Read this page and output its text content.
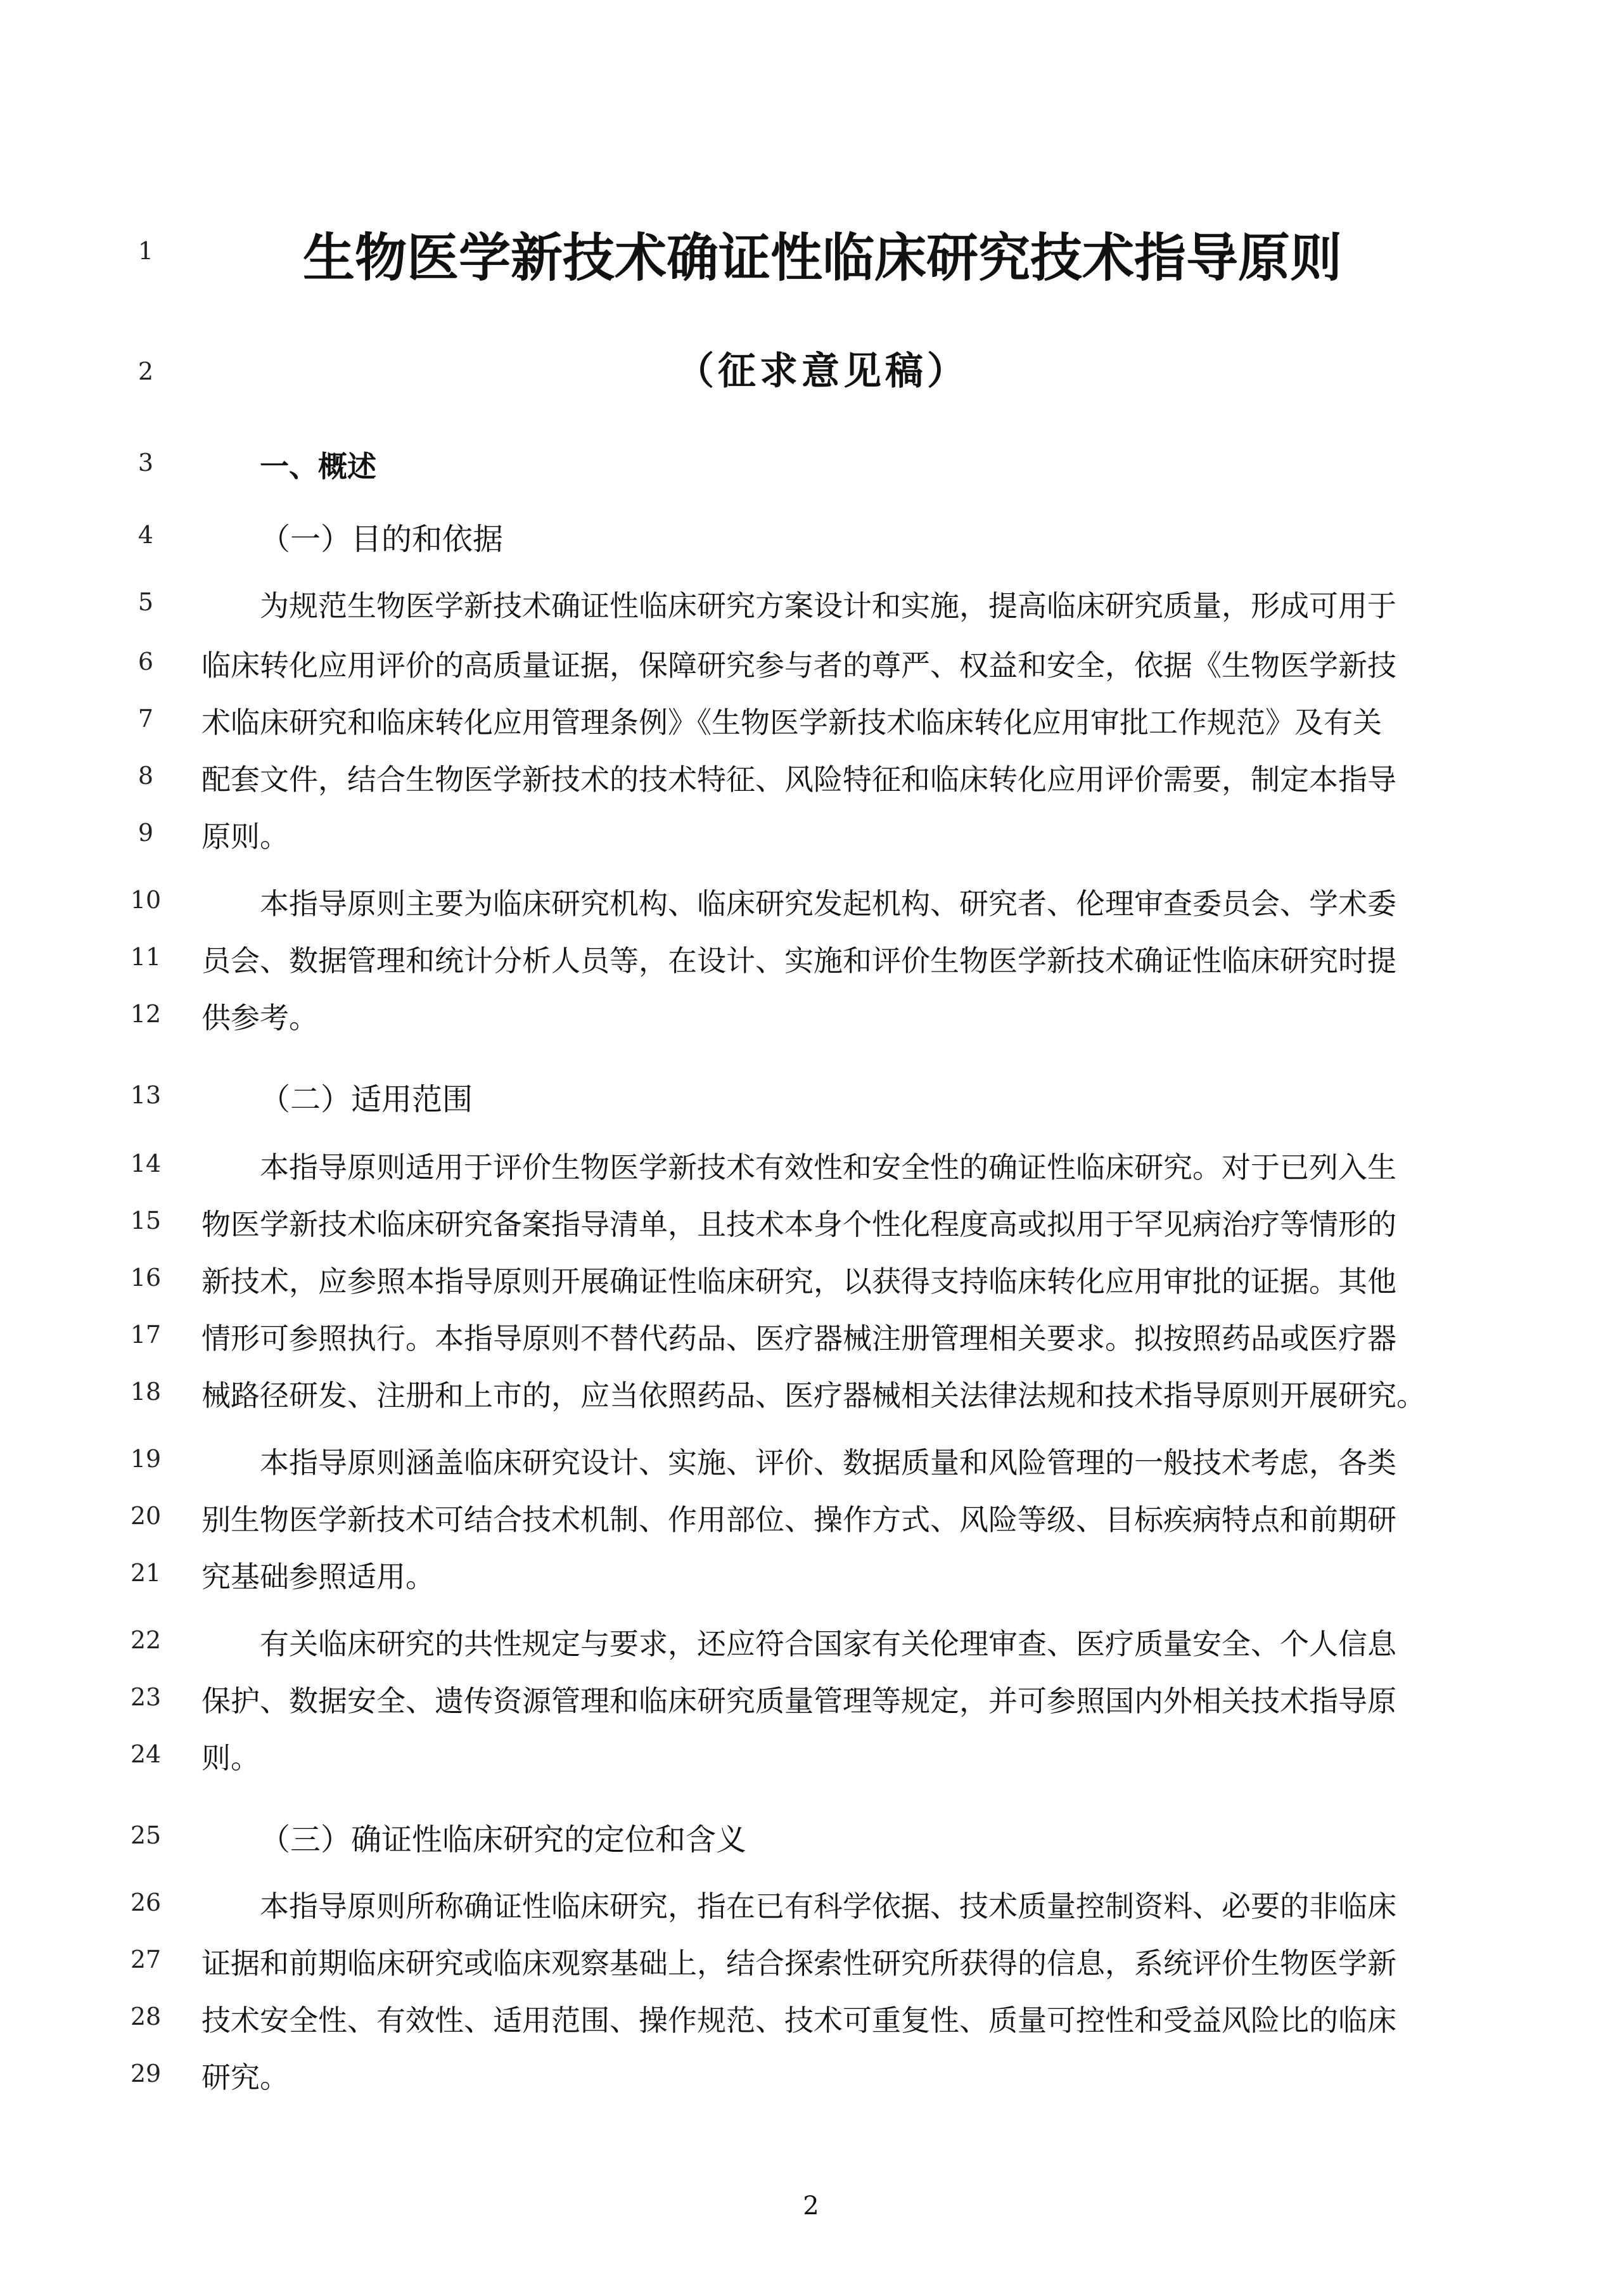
1
2
3
4
5
6
7
8
9
10
11
12
13
14
15
16
17
18
19
20
21
22
23
24
25
26
27
28
29
生物医学新技术确证性临床研究技术指导原则
（征求意见稿）
一、概述
（一）目的和依据
为规范生物医学新技术确证性临床研究方案设计和实施，提高临床研究质量，形成可用于
临床转化应用评价的高质量证据，保障研究参与者的尊严、权益和安全，依据《生物医学新技
术临床研究和临床转化应用管理条例》《生物医学新技术临床转化应用审批工作规范》及有关
配套文件，结合生物医学新技术的技术特征、风险特征和临床转化应用评价需要，制定本指导
原则。
本指导原则主要为临床研究机构、临床研究发起机构、研究者、伦理审查委员会、学术委
员会、数据管理和统计分析人员等，在设计、实施和评价生物医学新技术确证性临床研究时提
供参考。
（二）适用范围
本指导原则适用于评价生物医学新技术有效性和安全性的确证性临床研究。对于已列入生
物医学新技术临床研究备案指导清单，且技术本身个性化程度高或拟用于罕见病治疗等情形的
新技术，应参照本指导原则开展确证性临床研究，以获得支持临床转化应用审批的证据。其他
情形可参照执行。本指导原则不替代药品、医疗器械注册管理相关要求。拟按照药品或医疗器
械路径研发、注册和上市的，应当依照药品、医疗器械相关法律法规和技术指导原则开展研究。
本指导原则涵盖临床研究设计、实施、评价、数据质量和风险管理的一般技术考虑，各类
别生物医学新技术可结合技术机制、作用部位、操作方式、风险等级、目标疾病特点和前期研
究基础参照适用。
有关临床研究的共性规定与要求，还应符合国家有关伦理审查、医疗质量安全、个人信息
保护、数据安全、遗传资源管理和临床研究质量管理等规定，并可参照国内外相关技术指导原
则。
（三）确证性临床研究的定位和含义
本指导原则所称确证性临床研究，指在已有科学依据、技术质量控制资料、必要的非临床
证据和前期临床研究或临床观察基础上，结合探索性研究所获得的信息，系统评价生物医学新
技术安全性、有效性、适用范围、操作规范、技术可重复性、质量可控性和受益风险比的临床
研究。
2
